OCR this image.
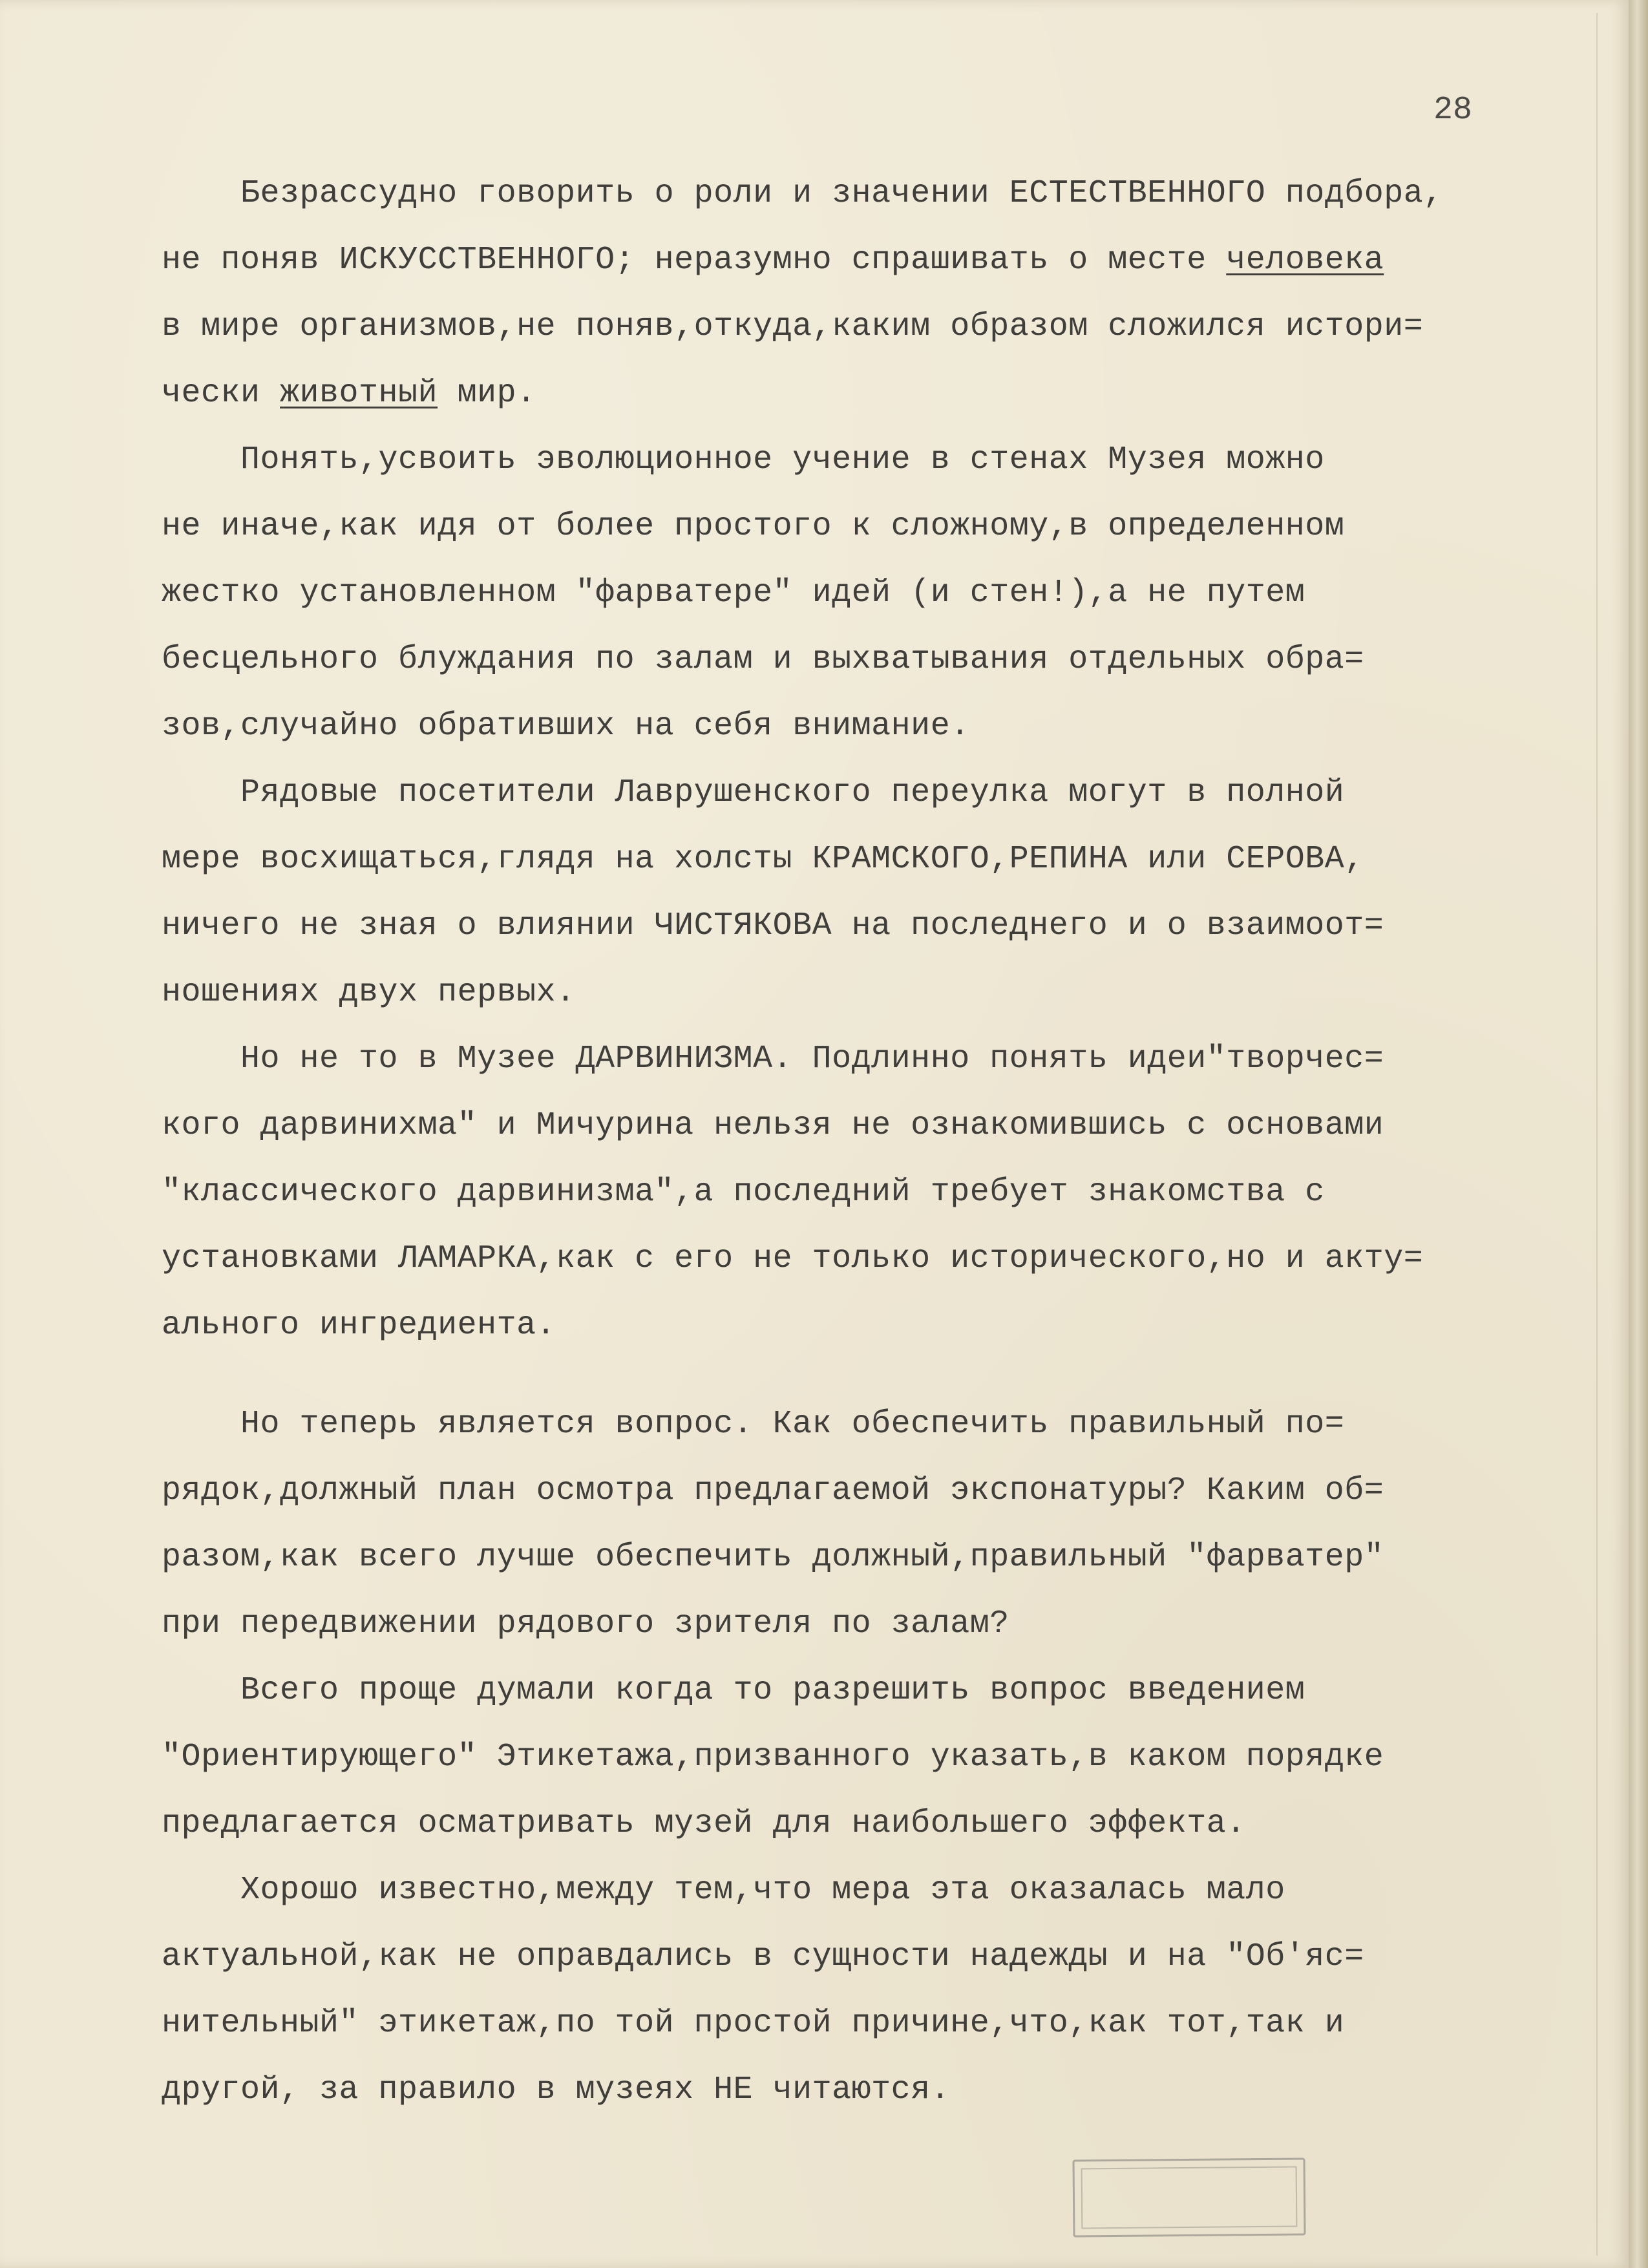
28

Безрассудно говорить о роли и значении ЕСТЕСТВЕННОГО подбора,

не поняв ИСКУССТВЕННОГО; неразумно спрашивать о месте человека

в мире организмов,не поняв,откуда,каким образом сложился истори=

чески животный мир.

Понять,усвоить эволюционное учение в стенах Музея можно

не иначе,как идя от более простого к сложному,в определенном

жестко установленном "фарватере" идей (и стен!),а не путем

бесцельного блуждания по залам и выхватывания отдельных обра=

зов,случайно обративших на себя внимание.

Рядовые посетители Лаврушенского переулка могут в полной

мере восхищаться,глядя на холсты КРАМСКОГО,РЕПИНА или СЕРОВА,

ничего не зная о влиянии ЧИСТЯКОВА на последнего и о взаимоот=

ношениях двух первых.

Но не то в Музее ДАРВИНИЗМА. Подлинно понять идеи"творчес=

кого дарвинихма" и Мичурина нельзя не ознакомившись с основами

"классического дарвинизма",а последний требует знакомства с

установками ЛАМАРКА,как с его не только исторического,но и акту=

ального ингредиента.

Но теперь является вопрос. Как обеспечить правильный по=

рядок,должный план осмотра предлагаемой экспонатуры? Каким об=

разом,как всего лучше обеспечить должный,правильный "фарватер"

при передвижении рядового зрителя по залам?

Всего проще думали когда то разрешить вопрос введением

"Ориентирующего" Этикетажа,призванного указать,в каком порядке

предлагается осматривать музей для наибольшего эффекта.

Хорошо известно,между тем,что мера эта оказалась мало

актуальной,как не оправдались в сущности надежды и на "Об'яс=

нительный" этикетаж,по той простой причине,что,как тот,так и

другой, за правило в музеях НЕ читаются.
